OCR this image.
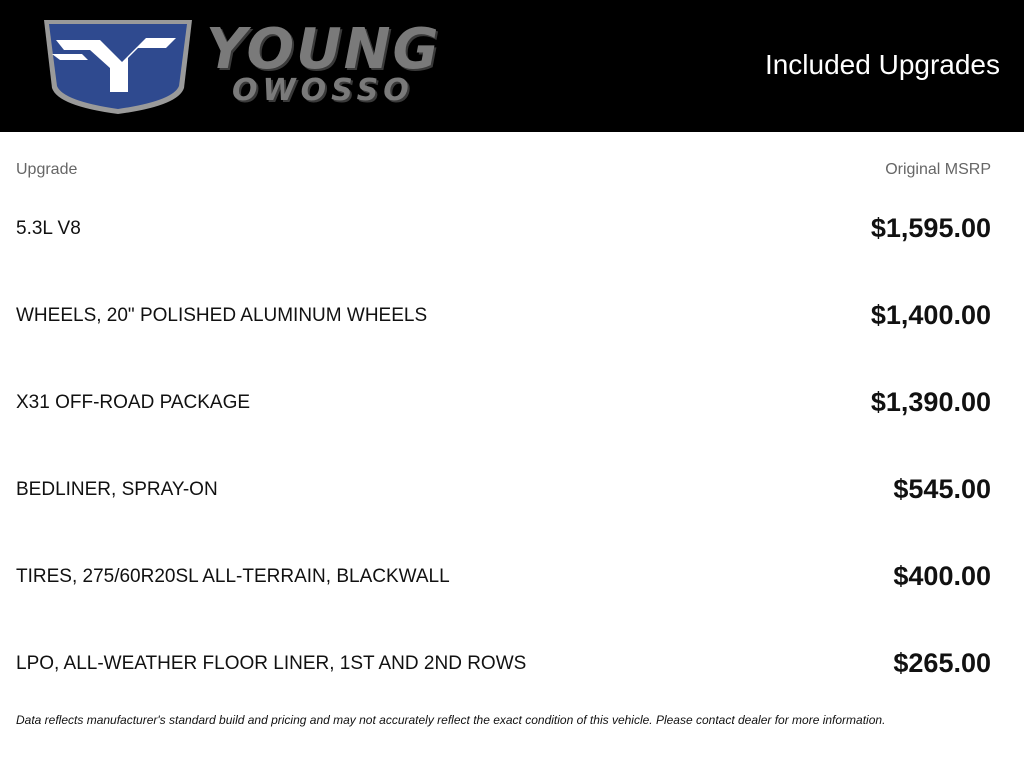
YOUNG
OWOSSO
Included Upgrades
Upgrade	Original MSRP
5.3L V8	$1,595.00
WHEELS, 20" POLISHED ALUMINUM WHEELS	$1,400.00
X31 OFF-ROAD PACKAGE	$1,390.00
BEDLINER, SPRAY-ON	$545.00
TIRES, 275/60R20SL ALL-TERRAIN, BLACKWALL	$400.00
LPO, ALL-WEATHER FLOOR LINER, 1ST AND 2ND ROWS	$265.00
Data reflects manufacturer's standard build and pricing and may not accurately reflect the exact condition of this vehicle. Please contact dealer for more information.
